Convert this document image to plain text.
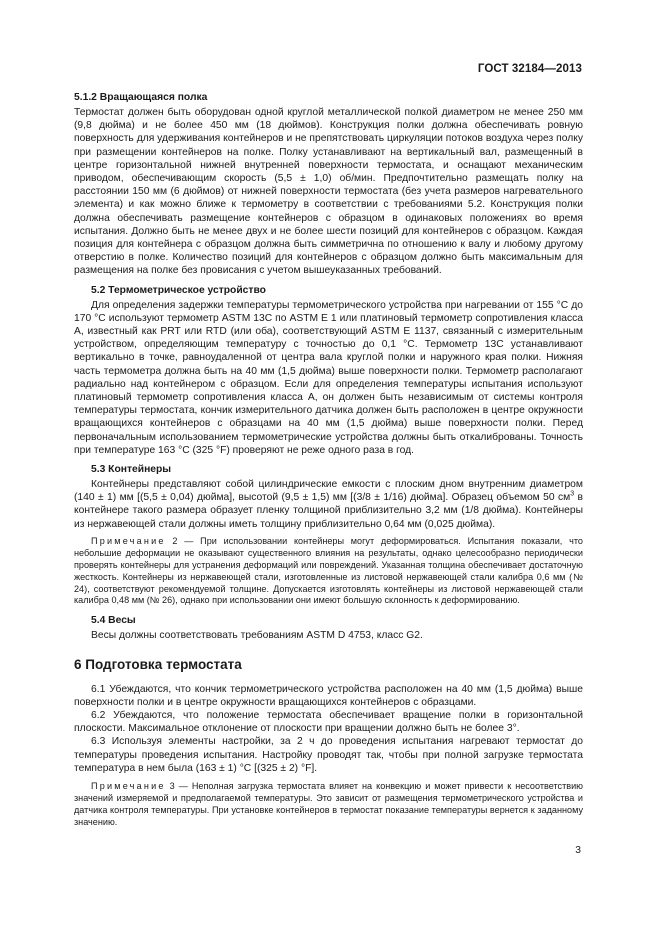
ГОСТ 32184—2013
5.1.2 Вращающаяся полка

Термостат должен быть оборудован одной круглой металлической полкой диаметром не менее 250 мм (9,8 дюйма) и не более 450 мм (18 дюймов). Конструкция полки должна обеспечивать ровную поверхность для удерживания контейнеров и не препятствовать циркуляции потоков воздуха через полку при размещении контейнеров на полке. Полку устанавливают на вертикальный вал, размещенный в центре горизонтальной нижней внутренней поверхности термостата, и оснащают механическим приводом, обеспечивающим скорость (5,5 ± 1,0) об/мин. Предпочтительно размещать полку на расстоянии 150 мм (6 дюймов) от нижней поверхности термостата (без учета размеров нагревательного элемента) и как можно ближе к термометру в соответствии с требованиями 5.2. Конструкция полки должна обеспечивать размещение контейнеров с образцом в одинаковых положениях во время испытания. Должно быть не менее двух и не более шести позиций для контейнеров с образцом. Каждая позиция для контейнера с образцом должна быть симметрична по отношению к валу и любому другому отверстию в полке. Количество позиций для контейнеров с образцом должно быть максимальным для размещения на полке без провисания с учетом вышеуказанных требований.

5.2 Термометрическое устройство

Для определения задержки температуры термометрического устройства при нагревании от 155 °С до 170 °С используют термометр ASTM 13С по ASTM Е 1 или платиновый термометр сопротивления класса А, известный как PRT или RTD (или оба), соответствующий ASTM Е 1137, связанный с измерительным устройством, определяющим температуру с точностью до 0,1 °С. Термометр 13С устанавливают вертикально в точке, равноудаленной от центра вала круглой полки и наружного края полки. Нижняя часть термометра должна быть на 40 мм (1,5 дюйма) выше поверхности полки. Термометр располагают радиально над контейнером с образцом. Если для определения температуры испытания используют платиновый термометр сопротивления класса А, он должен быть независимым от системы контроля температуры термостата, кончик измерительного датчика должен быть расположен в центре окружности вращающихся контейнеров с образцами на 40 мм (1,5 дюйма) выше поверхности полки. Перед первоначальным использованием термометрические устройства должны быть откалиброваны. Точность при температуре 163 °С (325 °F) проверяют не реже одного раза в год.

5.3 Контейнеры

Контейнеры представляют собой цилиндрические емкости с плоским дном внутренним диаметром (140 ± 1) мм [(5,5 ± 0,04) дюйма], высотой (9,5 ± 1,5) мм [(3/8 ± 1/16) дюйма]. Образец объемом 50 $см^3$ в контейнере такого размера образует пленку толщиной приблизительно 3,2 мм (1/8 дюйма). Контейнеры из нержавеющей стали должны иметь толщину приблизительно 0,64 мм (0,025 дюйма).

Примечание 2 — При использовании контейнеры могут деформироваться. Испытания показали, что небольшие деформации не оказывают существенного влияния на результаты, однако целесообразно периодически проверять контейнеры для устранения деформаций или повреждений. Указанная толщина обеспечивает достаточную жесткость. Контейнеры из нержавеющей стали, изготовленные из листовой нержавеющей стали калибра 0,6 мм (№ 24), соответствуют рекомендуемой толщине. Допускается изготовлять контейнеры из листовой нержавеющей стали калибра 0,48 мм (№ 26), однако при использовании они имеют большую склонность к деформированию.

5.4 Весы

Весы должны соответствовать требованиям ASTM D 4753, класс G2.

6 Подготовка термостата

6.1 Убеждаются, что кончик термометрического устройства расположен на 40 мм (1,5 дюйма) выше поверхности полки и в центре окружности вращающихся контейнеров с образцами.

6.2 Убеждаются, что положение термостата обеспечивает вращение полки в горизонтальной плоскости. Максимальное отклонение от плоскости при вращении должно быть не более 3°.

6.3 Используя элементы настройки, за 2 ч до проведения испытания нагревают термостат до температуры проведения испытания. Настройку проводят так, чтобы при полной загрузке термостата температура в нем была (163 ± 1) °С [(325 ± 2) °F].

Примечание 3 — Неполная загрузка термостата влияет на конвекцию и может привести к несоответствию значений измеряемой и предполагаемой температуры. Это зависит от размещения термометрического устройства и датчика контроля температуры. При установке контейнеров в термостат показание температуры вернется к заданному значению.

3
